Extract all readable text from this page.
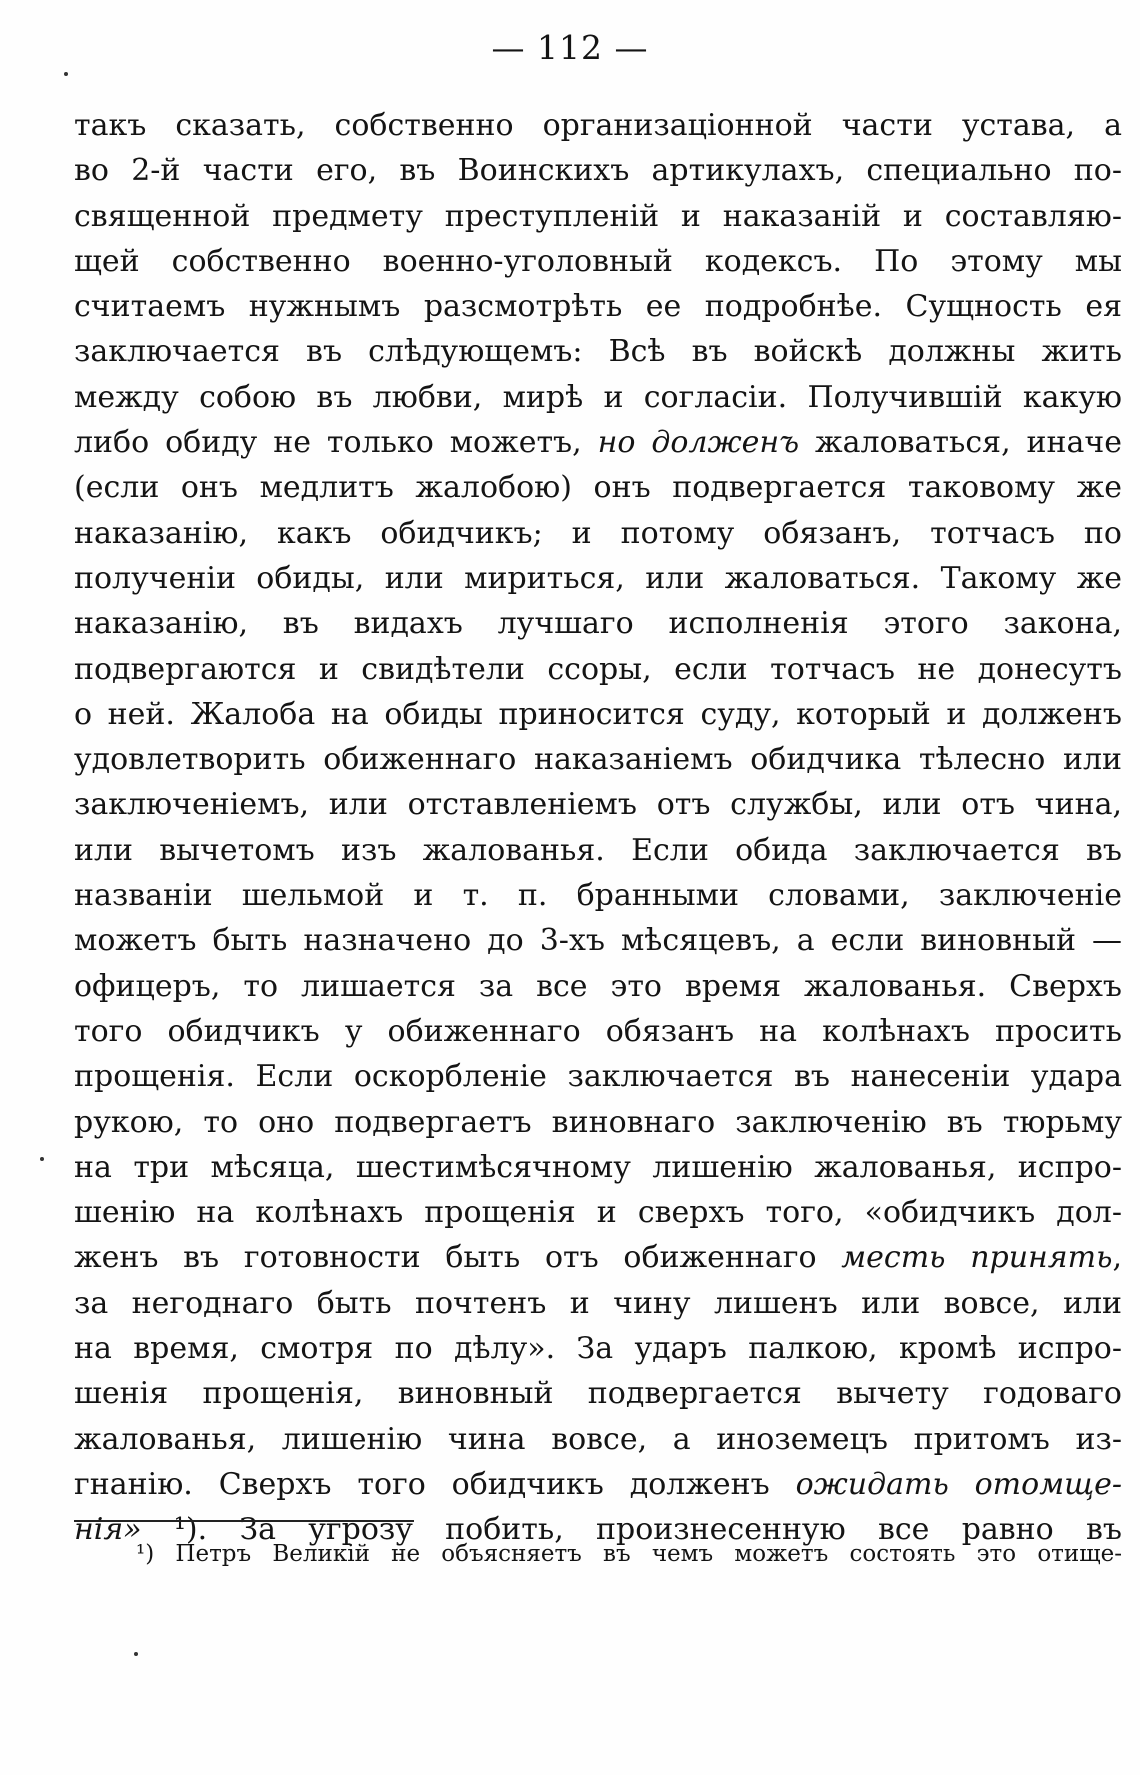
— 112 —
такъ сказать, собственно организаціонной части устава, а
во 2-й части его, въ Воинскихъ артикулахъ, специально по-
священной предмету преступленій и наказаній и составляю-
щей собственно военно-уголовный кодексъ. По этому мы
считаемъ нужнымъ разсмотрѣть ее подробнѣе. Сущность ея
заключается въ слѣдующемъ: Всѣ въ войскѣ должны жить
между собою въ любви, мирѣ и согласіи. Получившій какую
либо обиду не только можетъ, но долженъ жаловаться, иначе
(если онъ медлитъ жалобою) онъ подвергается таковому же
наказанію, какъ обидчикъ; и потому обязанъ, тотчасъ по
полученіи обиды, или мириться, или жаловаться. Такому же
наказанію, въ видахъ лучшаго исполненія этого закона,
подвергаются и свидѣтели ссоры, если тотчасъ не донесутъ
о ней. Жалоба на обиды приносится суду, который и долженъ
удовлетворить обиженнаго наказаніемъ обидчика тѣлесно или
заключеніемъ, или отставленіемъ отъ службы, или отъ чина,
или вычетомъ изъ жалованья. Если обида заключается въ
названіи шельмой и т. п. бранными словами, заключеніе
можетъ быть назначено до 3-хъ мѣсяцевъ, а если виновный —
офицеръ, то лишается за все это время жалованья. Сверхъ
того обидчикъ у обиженнаго обязанъ на колѣнахъ просить
прощенія. Если оскорбленіе заключается въ нанесеніи удара
рукою, то оно подвергаетъ виновнаго заключенію въ тюрьму
на три мѣсяца, шестимѣсячному лишенію жалованья, испро-
шенію на колѣнахъ прощенія и сверхъ того, «обидчикъ дол-
женъ въ готовности быть отъ обиженнаго месть принять,
за негоднаго быть почтенъ и чину лишенъ или вовсе, или
на время, смотря по дѣлу». За ударъ палкою, кромѣ испро-
шенія прощенія, виновный подвергается вычету годоваго
жалованья, лишенію чина вовсе, а иноземецъ притомъ из-
гнанію. Сверхъ того обидчикъ долженъ ожидать отомще-
нія» ¹). За угрозу побить, произнесенную все равно въ
¹) Петръ Великій не объясняетъ въ чемъ можетъ состоять это отище-
